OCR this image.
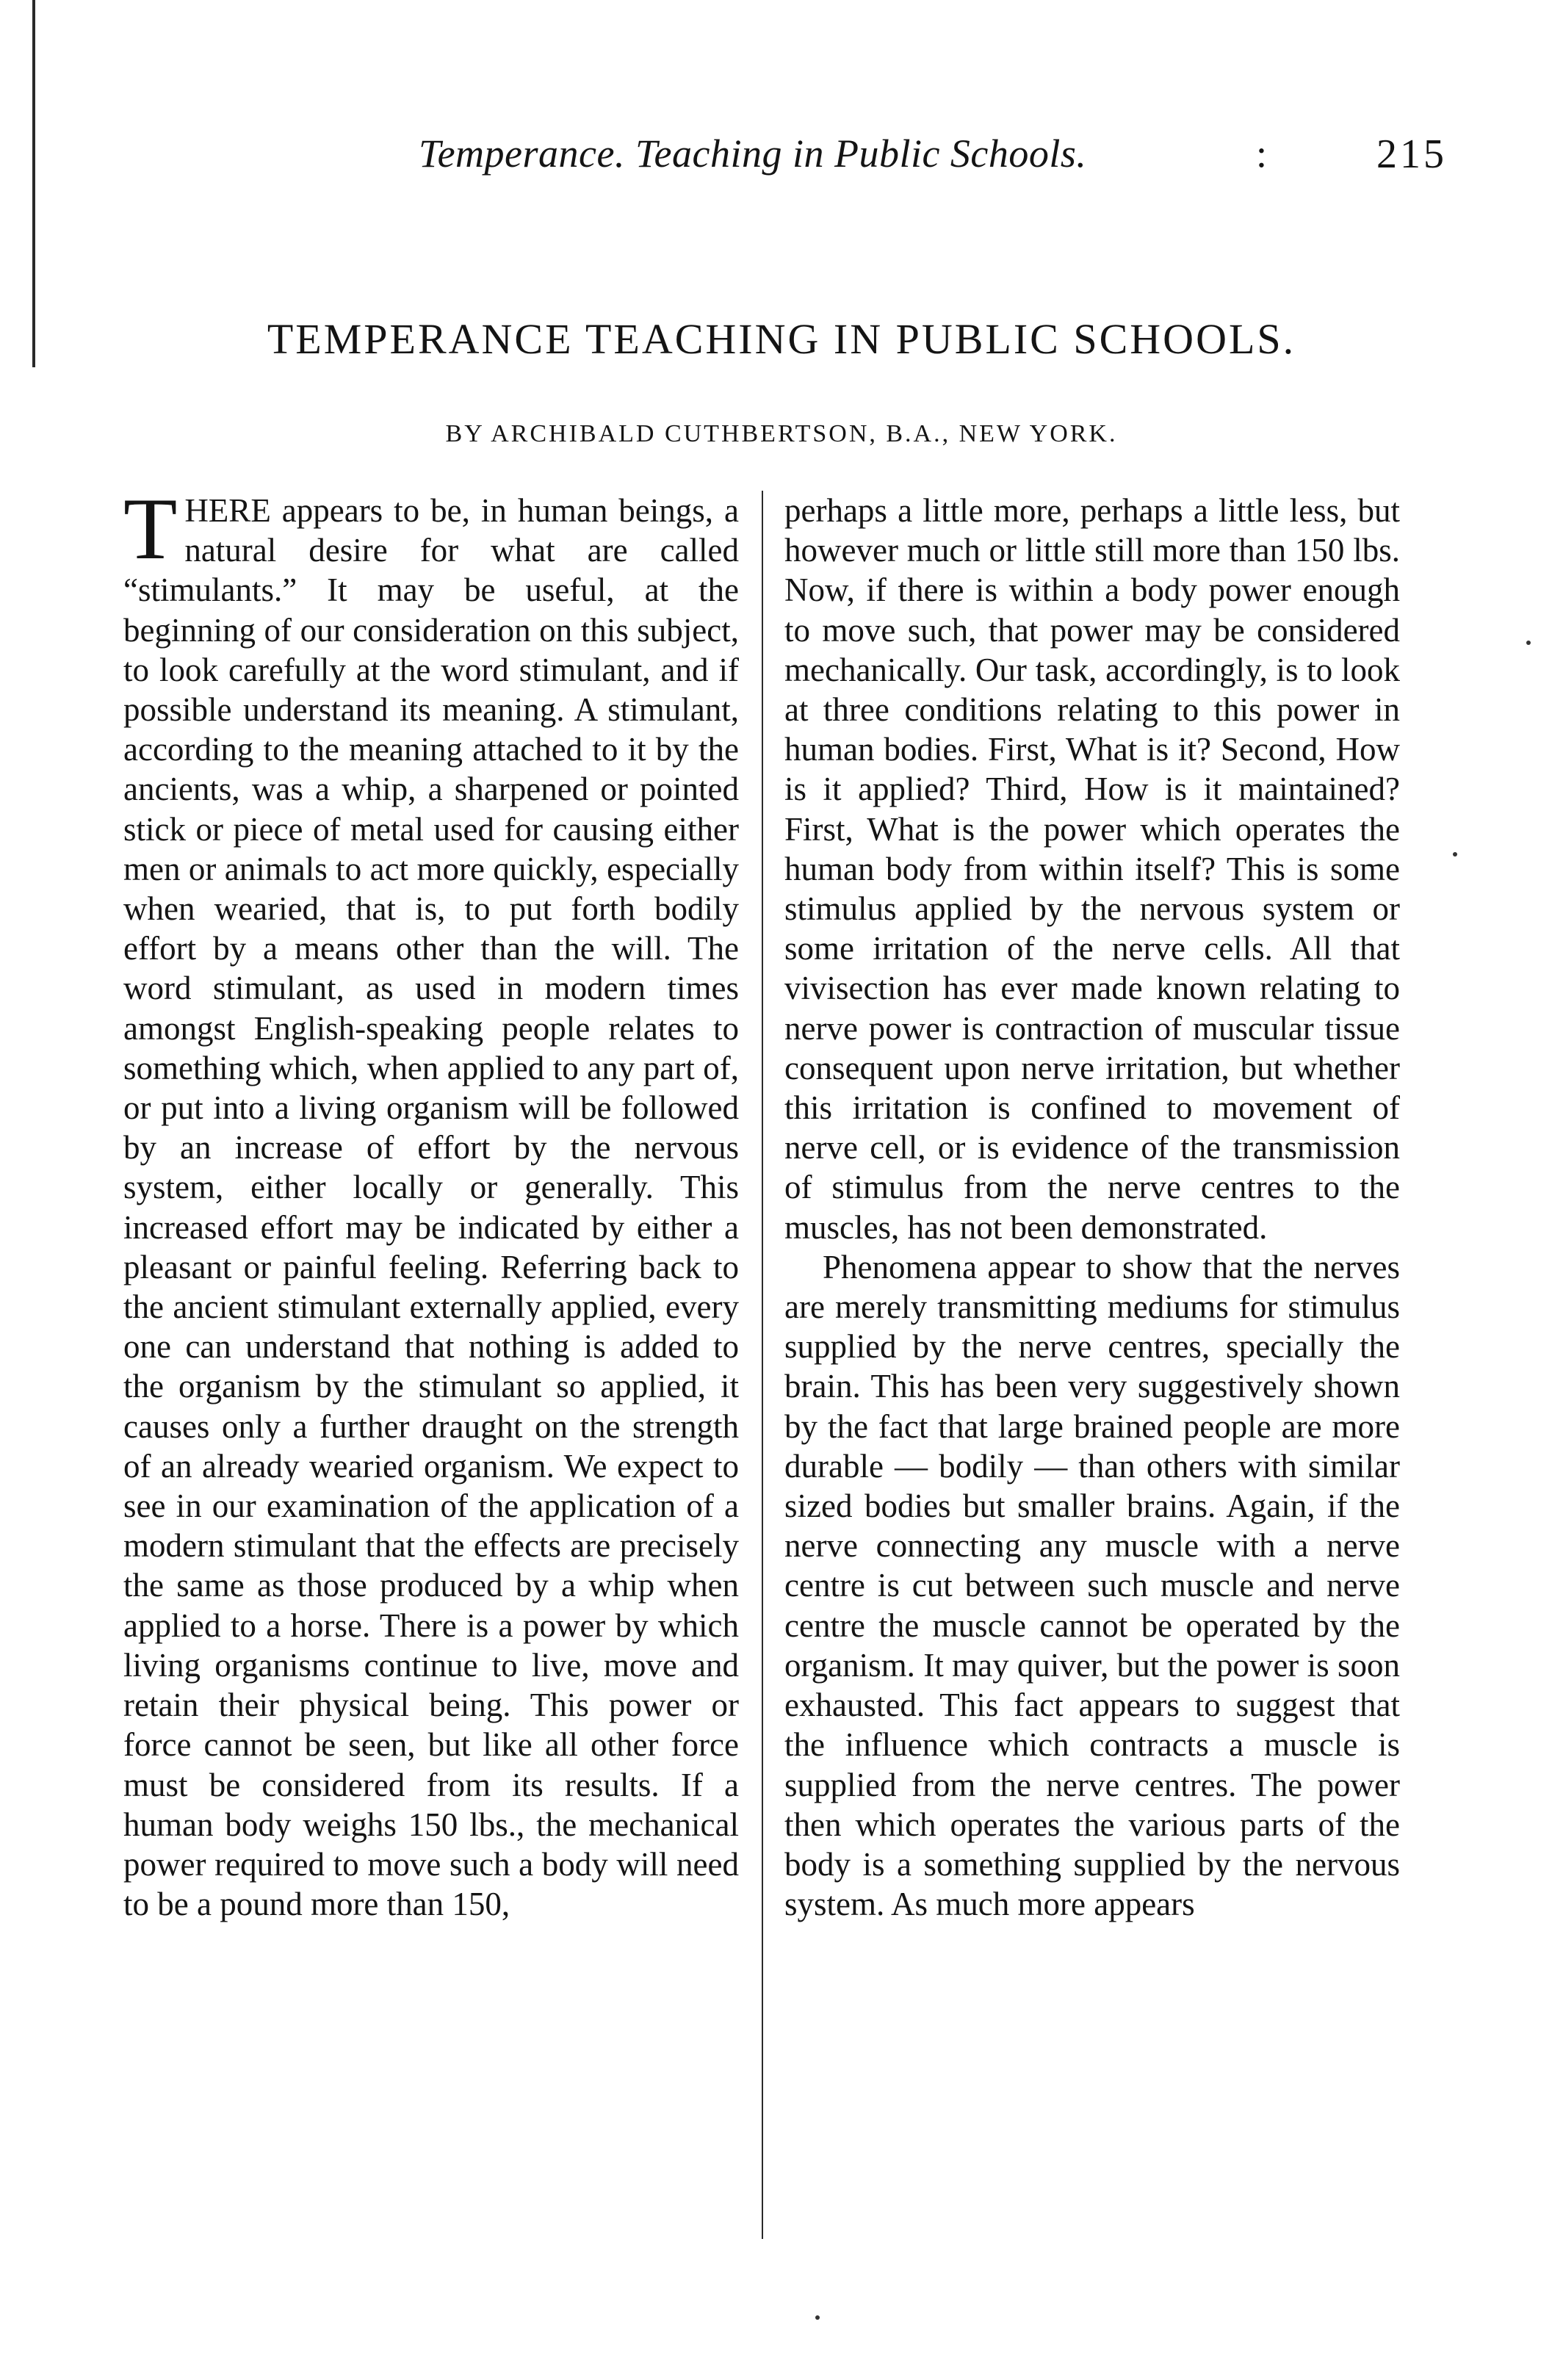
Temperance. Teaching in Public Schools.	:	215
TEMPERANCE TEACHING IN PUBLIC SCHOOLS.
BY ARCHIBALD CUTHBERTSON, B.A., NEW YORK.

THERE appears to be, in human beings, a natural desire for what are called “stimulants.” It may be useful, at the beginning of our consideration on this subject, to look carefully at the word stimulant, and if possible understand its meaning. A stimulant, according to the meaning attached to it by the ancients, was a whip, a sharpened or pointed stick or piece of metal used for causing either men or animals to act more quickly, especially when wearied, that is, to put forth bodily effort by a means other than the will. The word stimulant, as used in modern times amongst English-speaking people relates to something which, when applied to any part of, or put into a living organism will be followed by an increase of effort by the nervous system, either locally or generally. This increased effort may be indicated by either a pleasant or painful feeling. Referring back to the ancient stimulant externally applied, every one can understand that nothing is added to the organism by the stimulant so applied, it causes only a further draught on the strength of an already wearied organism. We expect to see in our examination of the application of a modern stimulant that the effects are precisely the same as those produced by a whip when applied to a horse. There is a power by which living organisms continue to live, move and retain their physical being. This power or force cannot be seen, but like all other force must be considered from its results. If a human body weighs 150 lbs., the mechanical power required to move such a body will need to be a pound more than 150,

perhaps a little more, perhaps a little less, but however much or little still more than 150 lbs. Now, if there is within a body power enough to move such, that power may be considered mechanically. Our task, accordingly, is to look at three conditions relating to this power in human bodies. First, What is it? Second, How is it applied? Third, How is it maintained? First, What is the power which operates the human body from within itself? This is some stimulus applied by the nervous system or some irritation of the nerve cells. All that vivisection has ever made known relating to nerve power is contraction of muscular tissue consequent upon nerve irritation, but whether this irritation is confined to movement of nerve cell, or is evidence of the transmission of stimulus from the nerve centres to the muscles, has not been demonstrated.

Phenomena appear to show that the nerves are merely transmitting mediums for stimulus supplied by the nerve centres, specially the brain. This has been very suggestively shown by the fact that large brained people are more durable — bodily — than others with similar sized bodies but smaller brains. Again, if the nerve connecting any muscle with a nerve centre is cut between such muscle and nerve centre the muscle cannot be operated by the organism. It may quiver, but the power is soon exhausted. This fact appears to suggest that the influence which contracts a muscle is supplied from the nerve centres. The power then which operates the various parts of the body is a something supplied by the nervous system. As much more appears
